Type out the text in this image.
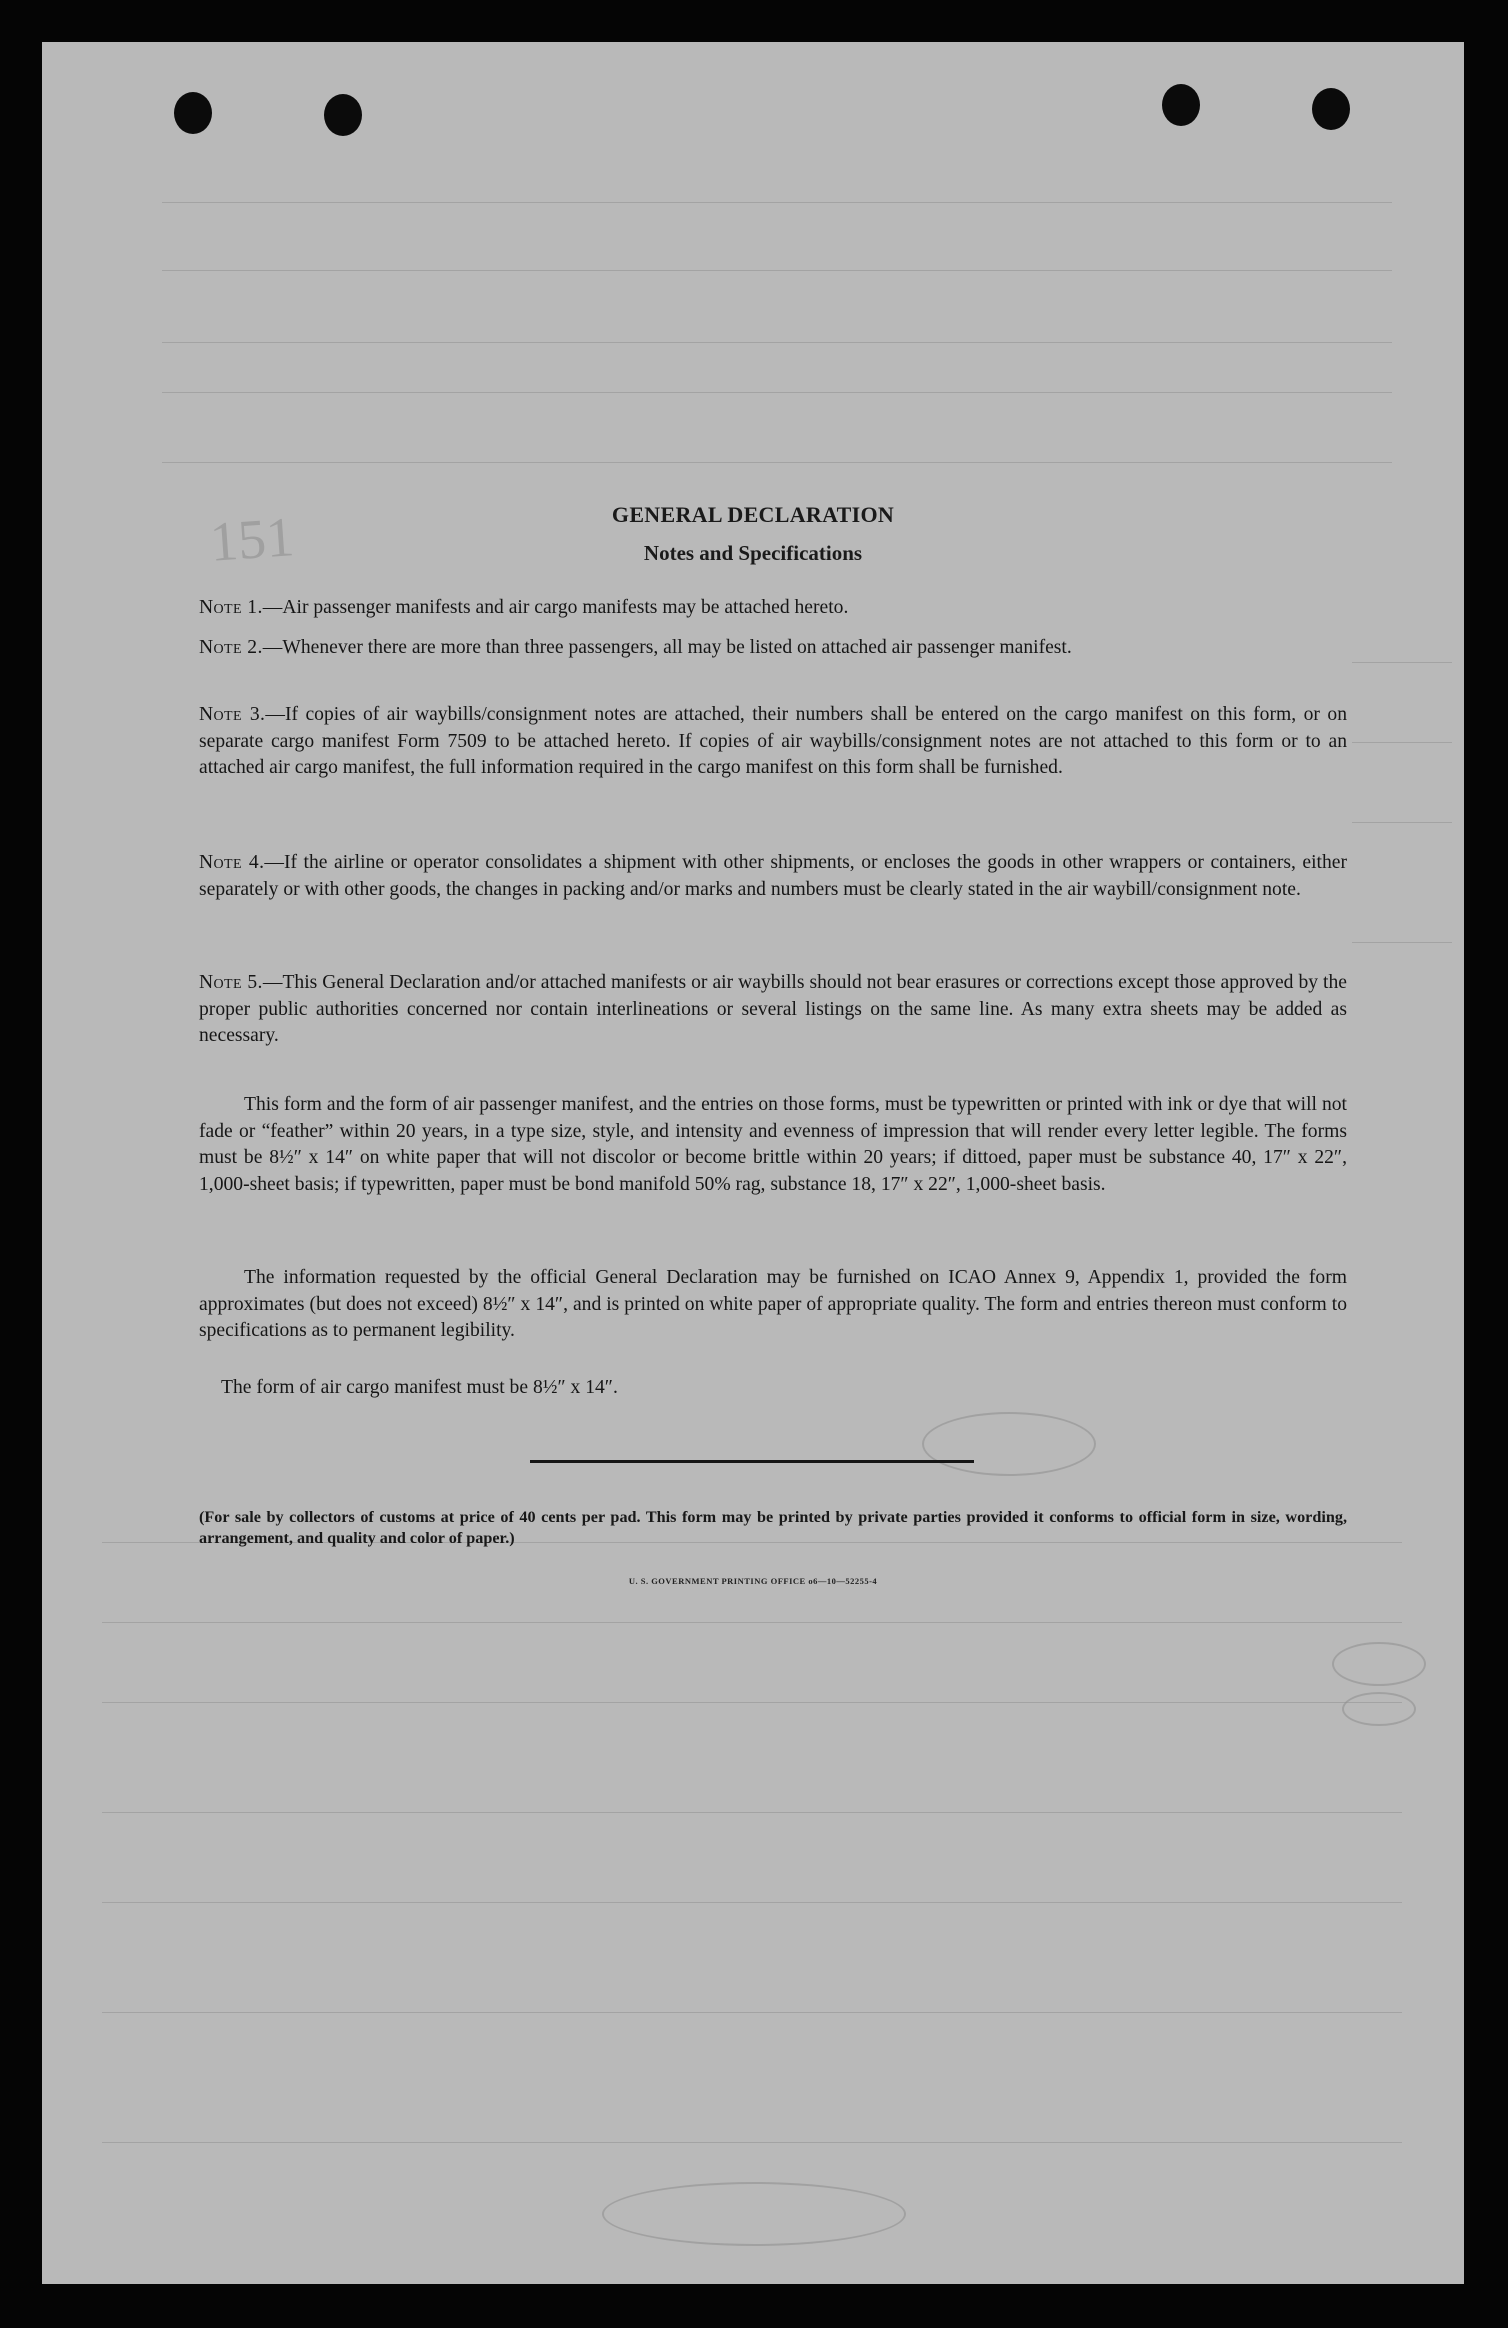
151	GENERAL DECLARATION
Notes and Specifications
Note 1.—Air passenger manifests and air cargo manifests may be attached hereto.
Note 2.—Whenever there are more than three passengers, all may be listed on attached air passenger manifest.
Note 3.—If copies of air waybills/consignment notes are attached, their numbers shall be entered on the cargo manifest on this form, or on separate cargo manifest Form 7509 to be attached hereto. If copies of air waybills/consignment notes are not attached to this form or to an attached air cargo manifest, the full information required in the cargo manifest on this form shall be furnished.
Note 4.—If the airline or operator consolidates a shipment with other shipments, or encloses the goods in other wrappers or containers, either separately or with other goods, the changes in packing and/or marks and numbers must be clearly stated in the air waybill/consignment note.
Note 5.—This General Declaration and/or attached manifests or air waybills should not bear erasures or corrections except those approved by the proper public authorities concerned nor contain interlineations or several listings on the same line. As many extra sheets may be added as necessary.
This form and the form of air passenger manifest, and the entries on those forms, must be typewritten or printed with ink or dye that will not fade or “feather” within 20 years, in a type size, style, and intensity and evenness of impression that will render every letter legible. The forms must be 8½″ x 14″ on white paper that will not discolor or become brittle within 20 years; if dittoed, paper must be substance 40, 17″ x 22″, 1,000-sheet basis; if typewritten, paper must be bond manifold 50% rag, substance 18, 17″ x 22″, 1,000-sheet basis.
The information requested by the official General Declaration may be furnished on ICAO Annex 9, Appendix 1, provided the form approximates (but does not exceed) 8½″ x 14″, and is printed on white paper of appropriate quality. The form and entries thereon must conform to specifications as to permanent legibility.
The form of air cargo manifest must be 8½″ x 14″.
(For sale by collectors of customs at price of 40 cents per pad. This form may be printed by private parties provided it conforms to official form in size, wording, arrangement, and quality and color of paper.)
U. S. GOVERNMENT PRINTING OFFICE o6—10—52255-4
